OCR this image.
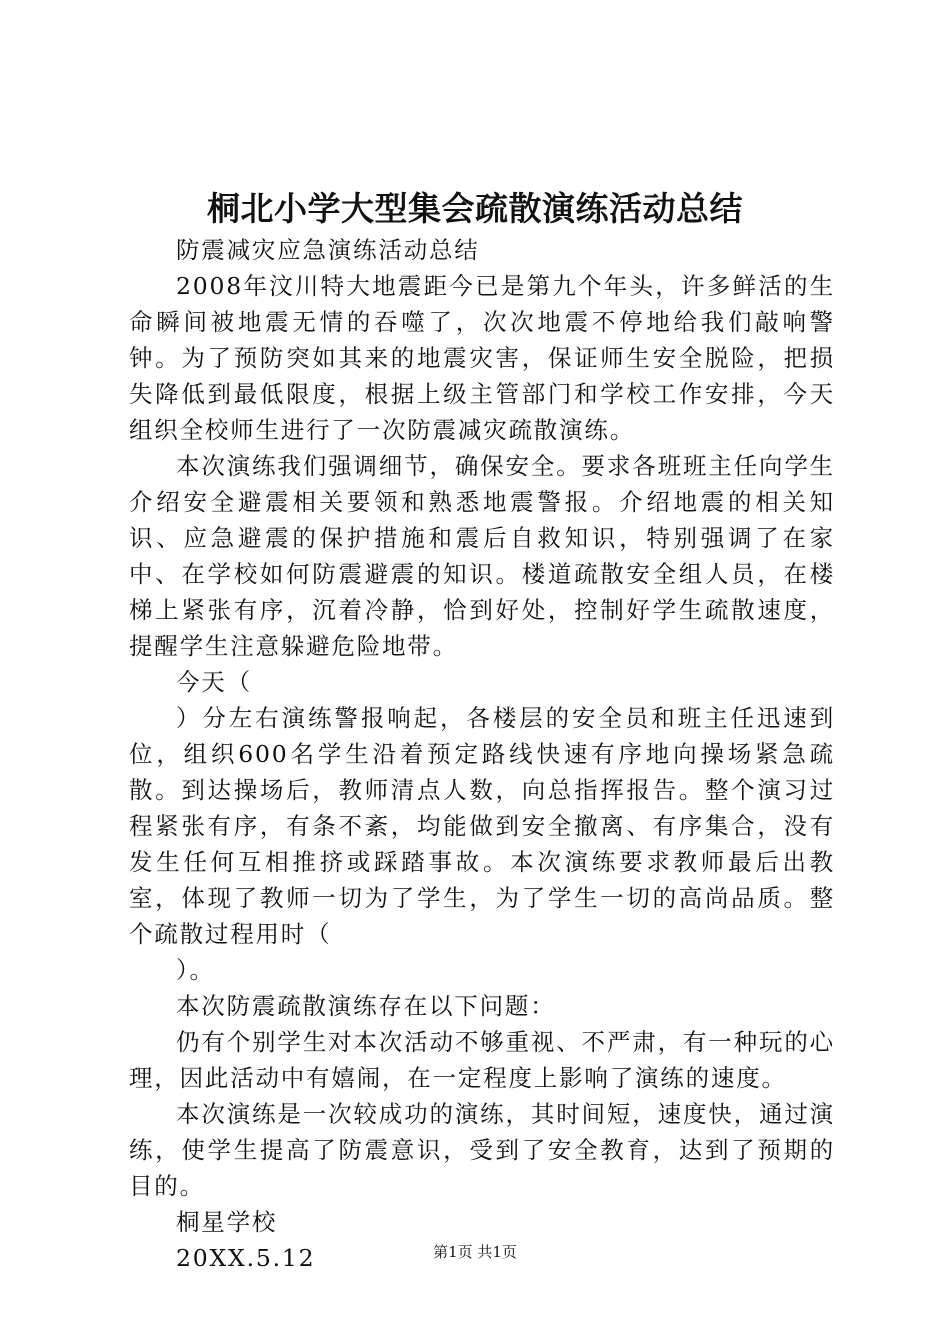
桐北小学大型集会疏散演练活动总结

防震减灾应急演练活动总结

2008年汶川特大地震距今已是第九个年头，许多鲜活的生命瞬间被地震无情的吞噬了，次次地震不停地给我们敲响警钟。为了预防突如其来的地震灾害，保证师生安全脱险，把损失降低到最低限度，根据上级主管部门和学校工作安排，今天组织全校师生进行了一次防震减灾疏散演练。

本次演练我们强调细节，确保安全。要求各班班主任向学生介绍安全避震相关要领和熟悉地震警报。介绍地震的相关知识、应急避震的保护措施和震后自救知识，特别强调了在家中、在学校如何防震避震的知识。楼道疏散安全组人员，在楼梯上紧张有序，沉着冷静，恰到好处，控制好学生疏散速度，提醒学生注意躲避危险地带。

今天（

）分左右演练警报响起，各楼层的安全员和班主任迅速到位，组织600名学生沿着预定路线快速有序地向操场紧急疏散。到达操场后，教师清点人数，向总指挥报告。整个演习过程紧张有序，有条不紊，均能做到安全撤离、有序集合，没有发生任何互相推挤或踩踏事故。本次演练要求教师最后出教室，体现了教师一切为了学生，为了学生一切的高尚品质。整个疏散过程用时（

）。

本次防震疏散演练存在以下问题：

仍有个别学生对本次活动不够重视、不严肃，有一种玩的心理，因此活动中有嬉闹，在一定程度上影响了演练的速度。

本次演练是一次较成功的演练，其时间短，速度快，通过演练，使学生提高了防震意识，受到了安全教育，达到了预期的目的。

桐星学校

20XX.5.12	第1页 共1页
